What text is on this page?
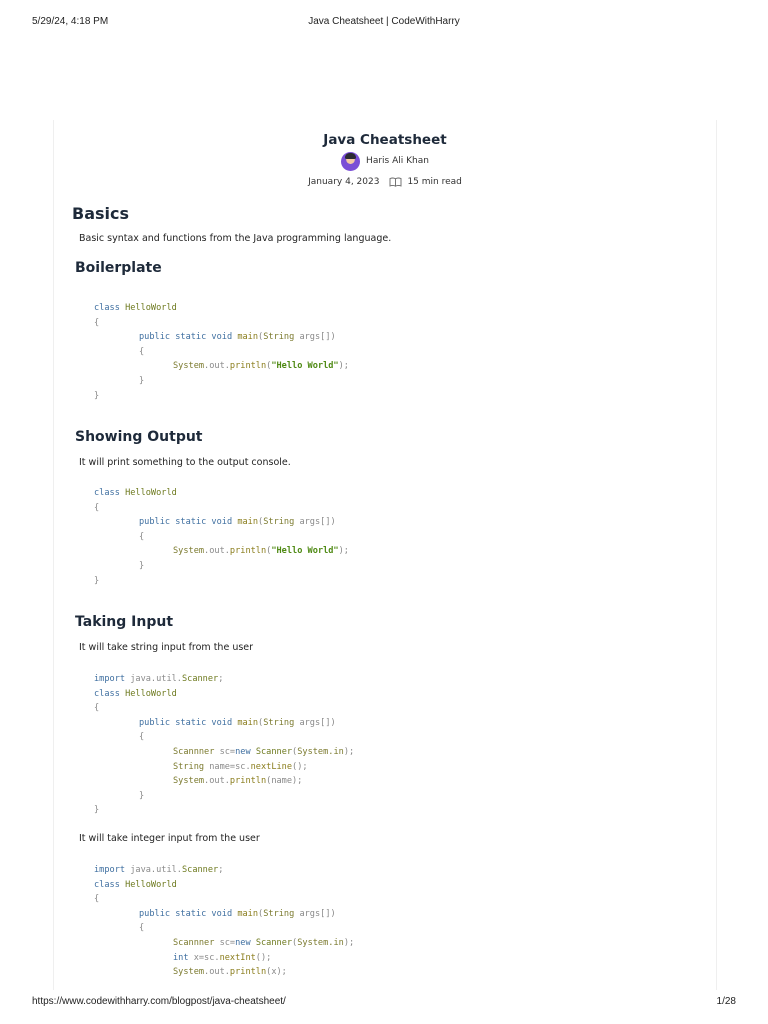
5/29/24, 4:18 PM	Java Cheatsheet | CodeWithHarry
Java Cheatsheet
Haris Ali Khan
January 4, 2023	15 min read
Basics
Basic syntax and functions from the Java programming language.
Boilerplate
class HelloWorld
{
public static void main(String args[])
{
System.out.println("Hello World");
}
}
Showing Output
It will print something to the output console.
class HelloWorld
{
public static void main(String args[])
{
System.out.println("Hello World");
}
}
Taking Input
It will take string input from the user
import java.util.Scanner;
class HelloWorld
{
public static void main(String args[])
{
Scannner sc=new Scanner(System.in);
String name=sc.nextLine();
System.out.println(name);
}
}
It will take integer input from the user
import java.util.Scanner;
class HelloWorld
{
public static void main(String args[])
{
Scannner sc=new Scanner(System.in);
int x=sc.nextInt();
System.out.println(x);
https://www.codewithharry.com/blogpost/java-cheatsheet/	1/28
